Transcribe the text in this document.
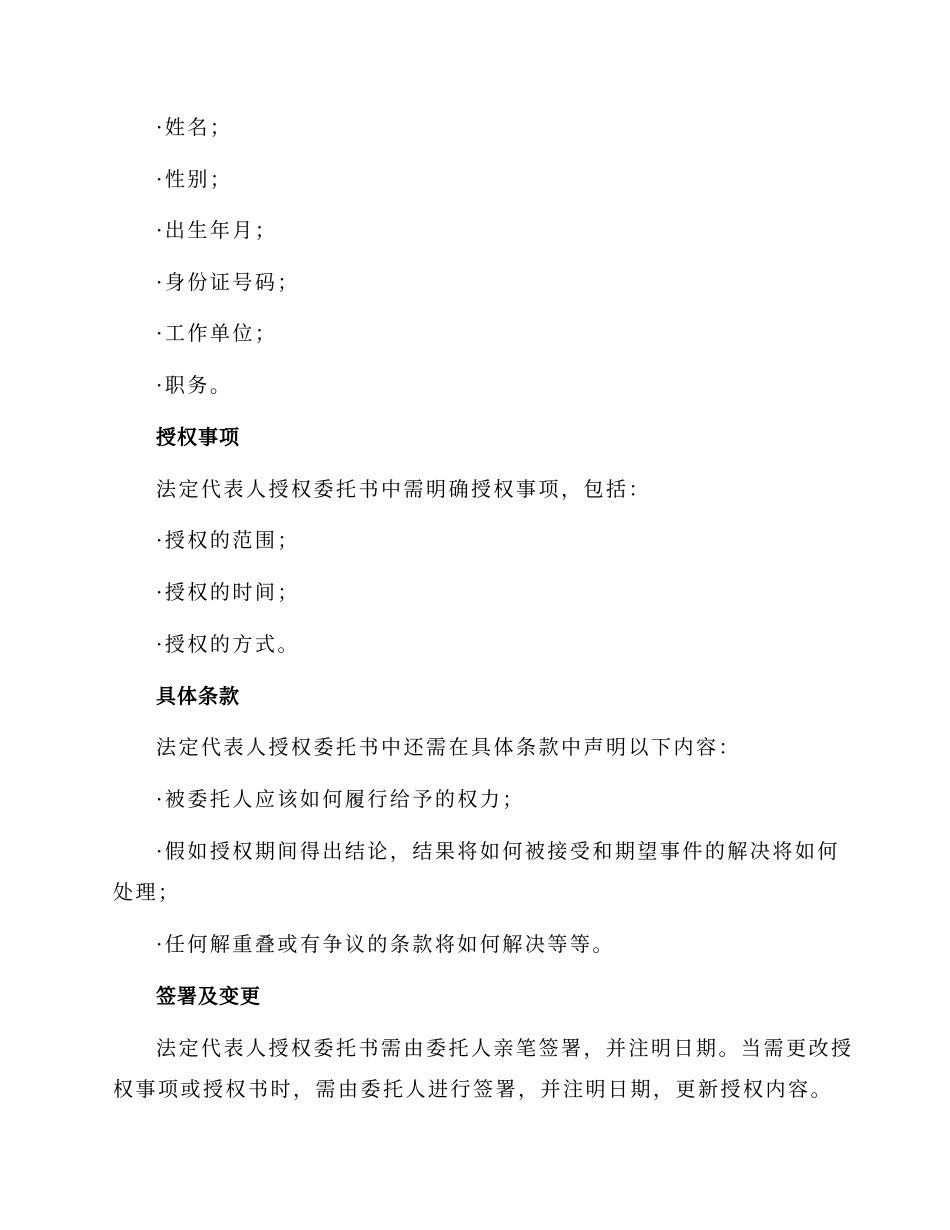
·姓名；
·性别；
·出生年月；
·身份证号码；
·工作单位；
·职务。
授权事项
法定代表人授权委托书中需明确授权事项，包括：
·授权的范围；
·授权的时间；
·授权的方式。
具体条款
法定代表人授权委托书中还需在具体条款中声明以下内容：
·被委托人应该如何履行给予的权力；
·假如授权期间得出结论，结果将如何被接受和期望事件的解决将如何
处理；
·任何解重叠或有争议的条款将如何解决等等。
签署及变更
法定代表人授权委托书需由委托人亲笔签署，并注明日期。当需更改授
权事项或授权书时，需由委托人进行签署，并注明日期，更新授权内容。
